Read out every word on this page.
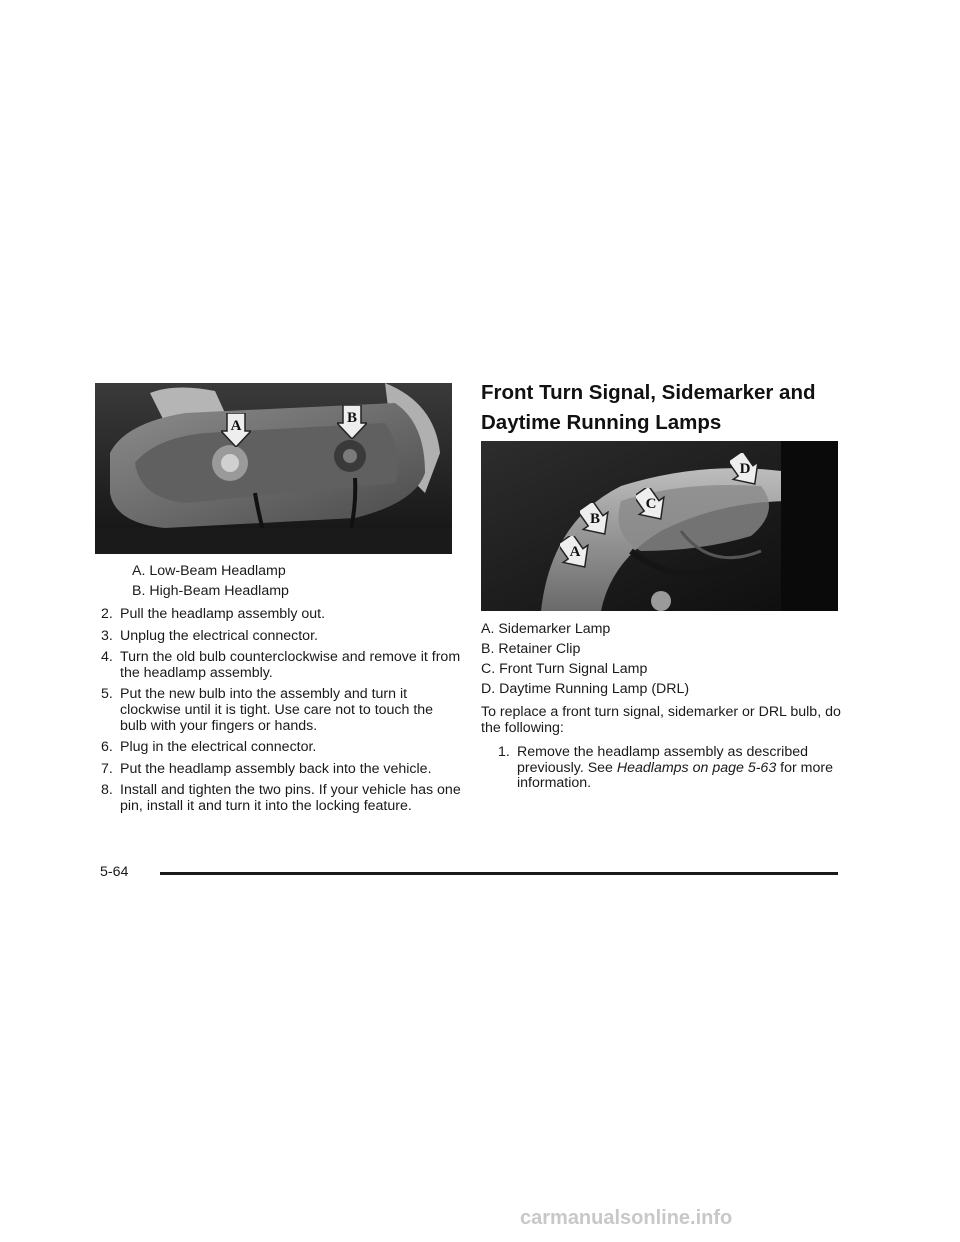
A	B
A. Low-Beam Headlamp
B. High-Beam Headlamp
2. Pull the headlamp assembly out.
3. Unplug the electrical connector.
4. Turn the old bulb counterclockwise and remove it from the headlamp assembly.
5. Put the new bulb into the assembly and turn it clockwise until it is tight. Use care not to touch the bulb with your fingers or hands.
6. Plug in the electrical connector.
7. Put the headlamp assembly back into the vehicle.
8. Install and tighten the two pins. If your vehicle has one pin, install it and turn it into the locking feature.
Front Turn Signal, Sidemarker and Daytime Running Lamps
A
B
C
D
A. Sidemarker Lamp
B. Retainer Clip
C. Front Turn Signal Lamp
D. Daytime Running Lamp (DRL)
To replace a front turn signal, sidemarker or DRL bulb, do the following:
1. Remove the headlamp assembly as described previously. See Headlamps on page 5-63 for more information.
5-64
carmanualsonline.info
